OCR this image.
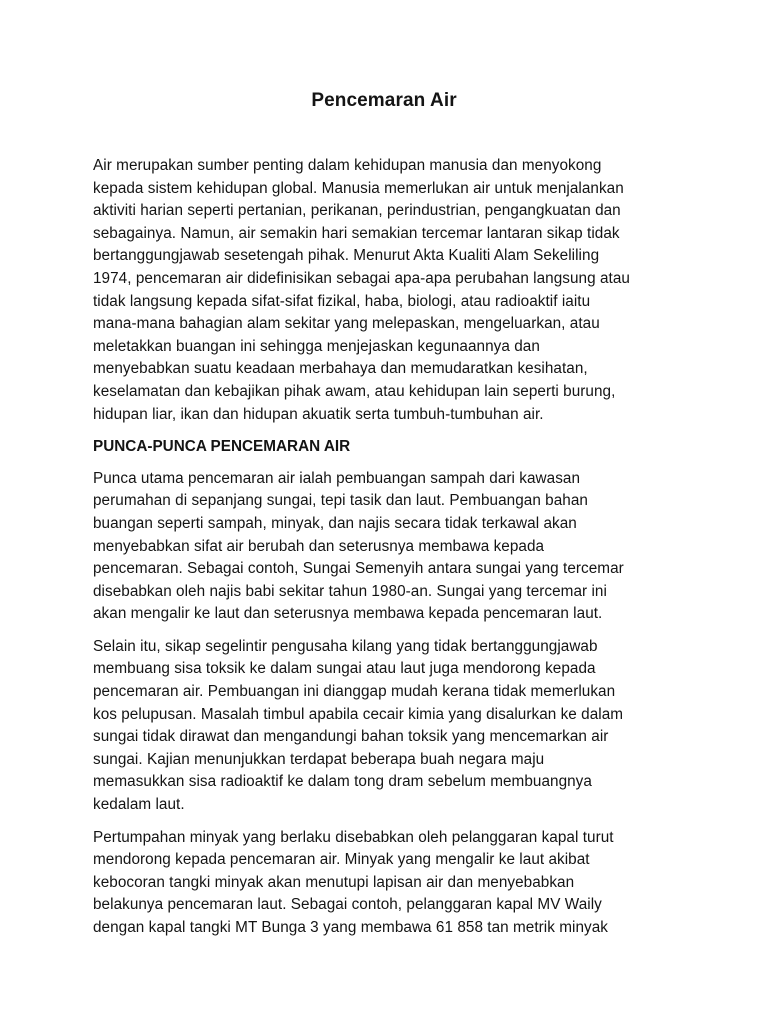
Pencemaran Air

Air merupakan sumber penting dalam kehidupan manusia dan menyokong
kepada sistem kehidupan global. Manusia memerlukan air untuk menjalankan
aktiviti harian seperti pertanian, perikanan, perindustrian, pengangkuatan dan
sebagainya. Namun, air semakin hari semakian tercemar lantaran sikap tidak
bertanggungjawab sesetengah pihak. Menurut Akta Kualiti Alam Sekeliling
1974, pencemaran air didefinisikan sebagai apa-apa perubahan langsung atau
tidak langsung kepada sifat-sifat fizikal, haba, biologi, atau radioaktif iaitu
mana-mana bahagian alam sekitar yang melepaskan, mengeluarkan, atau
meletakkan buangan ini sehingga menjejaskan kegunaannya dan
menyebabkan suatu keadaan merbahaya dan memudaratkan kesihatan,
keselamatan dan kebajikan pihak awam, atau kehidupan lain seperti burung,
hidupan liar, ikan dan hidupan akuatik serta tumbuh-tumbuhan air.

PUNCA-PUNCA PENCEMARAN AIR

Punca utama pencemaran air ialah pembuangan sampah dari kawasan
perumahan di sepanjang sungai, tepi tasik dan laut. Pembuangan bahan
buangan seperti sampah, minyak, dan najis secara tidak terkawal akan
menyebabkan sifat air berubah dan seterusnya membawa kepada
pencemaran. Sebagai contoh, Sungai Semenyih antara sungai yang tercemar
disebabkan oleh najis babi sekitar tahun 1980-an. Sungai yang tercemar ini
akan mengalir ke laut dan seterusnya membawa kepada pencemaran laut.

Selain itu, sikap segelintir pengusaha kilang yang tidak bertanggungjawab
membuang sisa toksik ke dalam sungai atau laut juga mendorong kepada
pencemaran air. Pembuangan ini dianggap mudah kerana tidak memerlukan
kos pelupusan. Masalah timbul apabila cecair kimia yang disalurkan ke dalam
sungai tidak dirawat dan mengandungi bahan toksik yang mencemarkan air
sungai. Kajian menunjukkan terdapat beberapa buah negara maju
memasukkan sisa radioaktif ke dalam tong dram sebelum membuangnya
kedalam laut.

Pertumpahan minyak yang berlaku disebabkan oleh pelanggaran kapal turut
mendorong kepada pencemaran air. Minyak yang mengalir ke laut akibat
kebocoran tangki minyak akan menutupi lapisan air dan menyebabkan
belakunya pencemaran laut. Sebagai contoh, pelanggaran kapal MV Waily
dengan kapal tangki MT Bunga 3 yang membawa 61 858 tan metrik minyak
